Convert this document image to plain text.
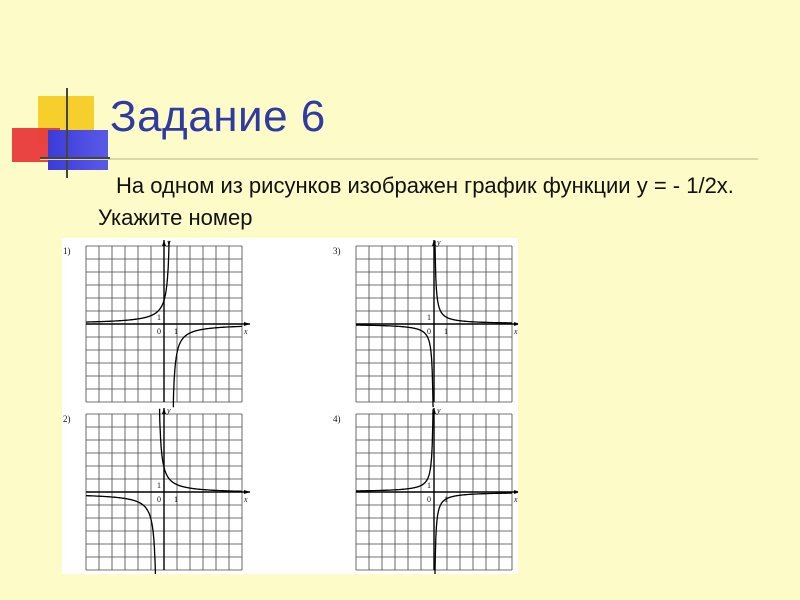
Задание 6

На одном из рисунков изображен график функции у = - 1/2х. Укажите номер

1)
x
y
0 1
1
3)
x
y
0 1
1
2)
x
y
0 1
1
4)
x
y
0 1
1
